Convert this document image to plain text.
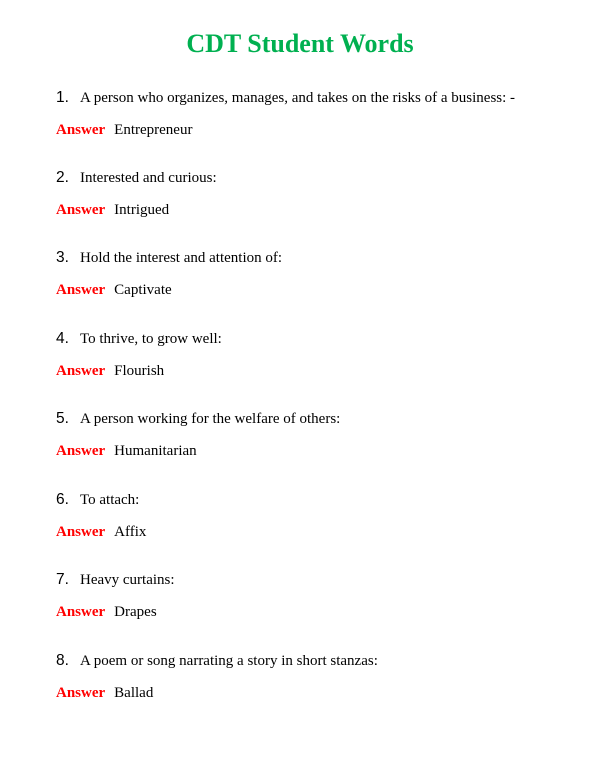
CDT Student Words
1. A person who organizes, manages, and takes on the risks of a business: -
Answer Entrepreneur
2. Interested and curious:
Answer Intrigued
3. Hold the interest and attention of:
Answer Captivate
4. To thrive, to grow well:
Answer Flourish
5. A person working for the welfare of others:
Answer Humanitarian
6. To attach:
Answer Affix
7. Heavy curtains:
Answer Drapes
8. A poem or song narrating a story in short stanzas:
Answer Ballad
